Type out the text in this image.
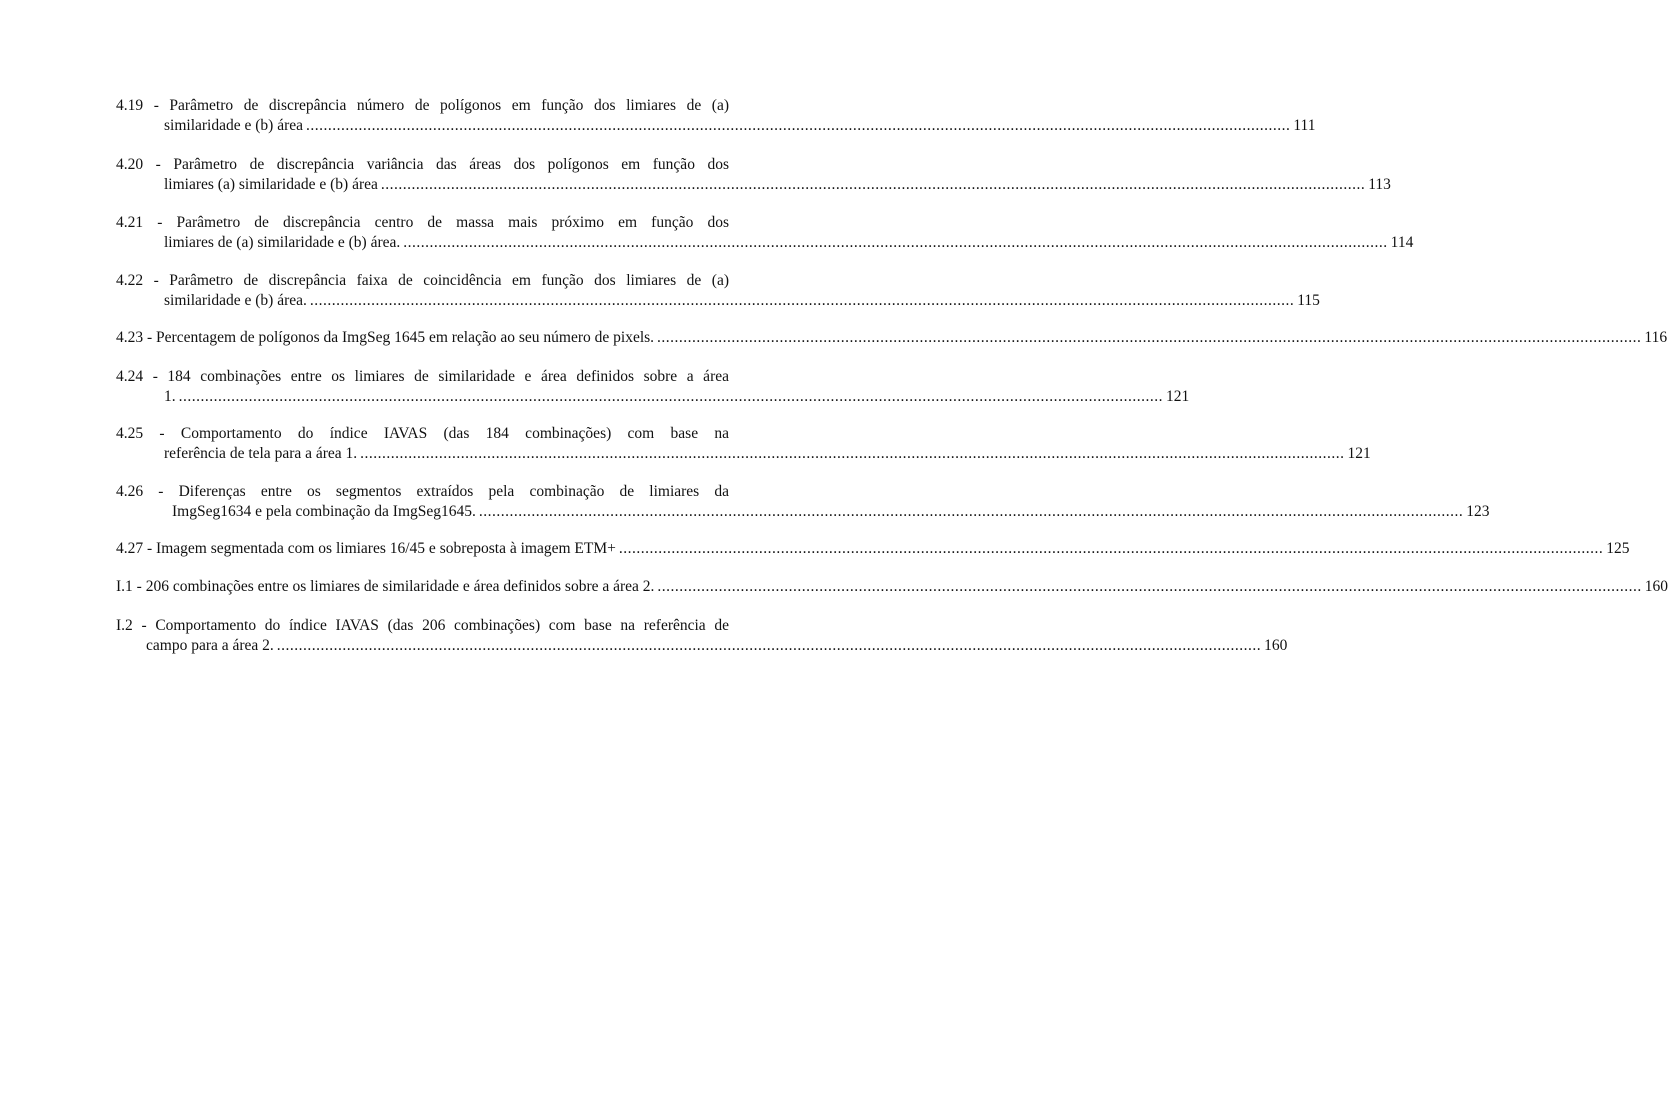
4.19 - Parâmetro de discrepância número de polígonos em função dos limiares de (a)
similaridade e (b) área .....	111
4.20 - Parâmetro de discrepância variância das áreas dos polígonos em função dos
limiares (a) similaridade e (b) área .....	113
4.21 - Parâmetro de discrepância centro de massa mais próximo em função dos
limiares de (a) similaridade e (b) área. .....	114
4.22 - Parâmetro de discrepância faixa de coincidência em função dos limiares de (a)
similaridade e (b) área. .....	115
4.23 - Percentagem de polígonos da ImgSeg 1645 em relação ao seu número de pixels. .....	116
4.24 - 184 combinações entre os limiares de similaridade e área definidos sobre a área
1. .....	121
4.25 - Comportamento do índice IAVAS (das 184 combinações) com base na
referência de tela para a área 1. .....	121
4.26 - Diferenças entre os segmentos extraídos pela combinação de limiares da
ImgSeg1634 e pela combinação da ImgSeg1645. .....	123
4.27 - Imagem segmentada com os limiares 16/45 e sobreposta à imagem ETM+ .....	125
I.1 - 206 combinações entre os limiares de similaridade e área definidos sobre a área 2. .....	160
I.2 - Comportamento do índice IAVAS (das 206 combinações) com base na referência de
campo para a área 2. .....	160
